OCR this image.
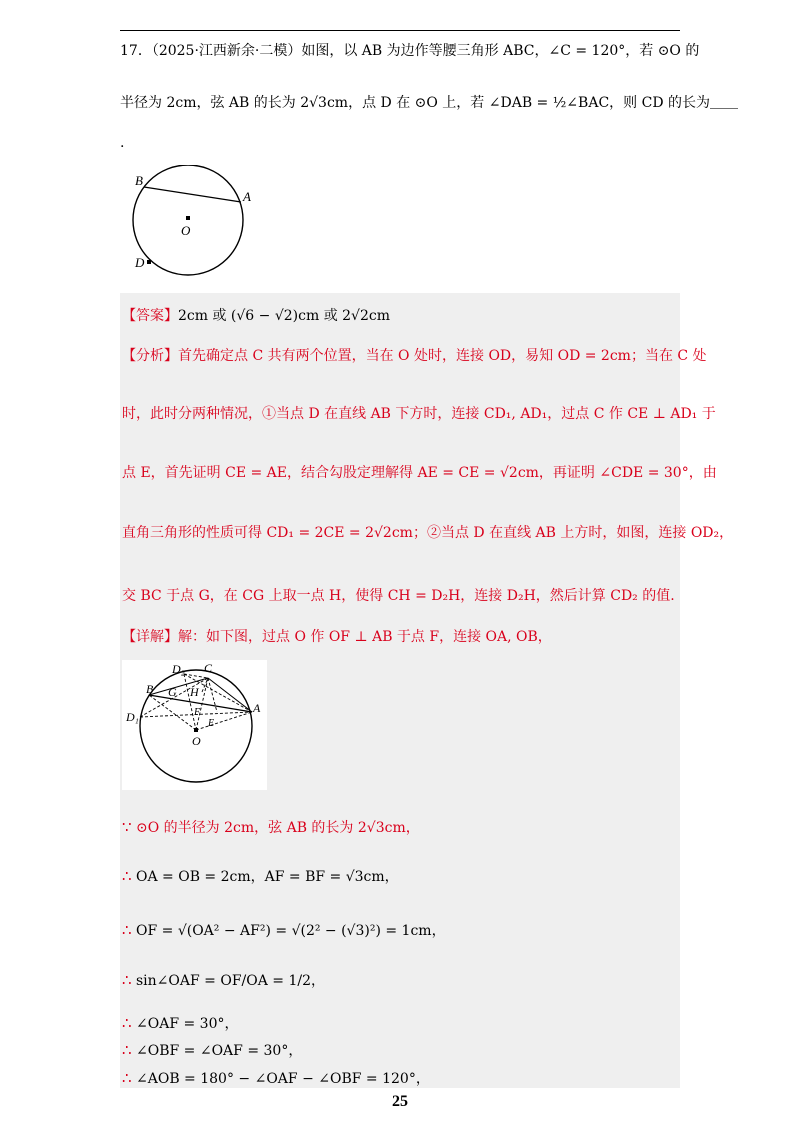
17．（2025·江西新余·二模）如图，以 AB 为边作等腰三角形 ABC，∠C = 120°，若 ⊙O 的
半径为 2cm，弦 AB 的长为 2√3cm，点 D 在 ⊙O 上，若 ∠DAB = ½∠BAC，则 CD 的长为＿＿
.
B
A
O
D
【答案】2cm 或 (√6 − √2)cm 或 2√2cm
【分析】首先确定点 C 共有两个位置，当在 O 处时，连接 OD，易知 OD = 2cm；当在 C 处
时，此时分两种情况，①当点 D 在直线 AB 下方时，连接 CD₁, AD₁，过点 C 作 CE ⊥ AD₁ 于
点 E，首先证明 CE = AE，结合勾股定理解得 AE = CE = √2cm，再证明 ∠CDE = 30°，由
直角三角形的性质可得 CD₁ = 2CE = 2√2cm；②当点 D 在直线 AB 上方时，如图，连接 OD₂，
交 BC 于点 G，在 CG 上取一点 H，使得 CH = D₂H，连接 D₂H，然后计算 CD₂ 的值.
【详解】解：如下图，过点 O 作 OF ⊥ AB 于点 F，连接 OA, OB，
D₂ C
B G H
A
D₁	F
E
O
∵ ⊙O 的半径为 2cm，弦 AB 的长为 2√3cm，
∴ OA = OB = 2cm，AF = BF = √3cm，
∴ OF = √(OA² − AF²) = √(2² − (√3)²) = 1cm，
∴ sin∠OAF = OF/OA = 1/2，
∴ ∠OAF = 30°，
∴ ∠OBF = ∠OAF = 30°，
∴ ∠AOB = 180° − ∠OAF − ∠OBF = 120°，
25
